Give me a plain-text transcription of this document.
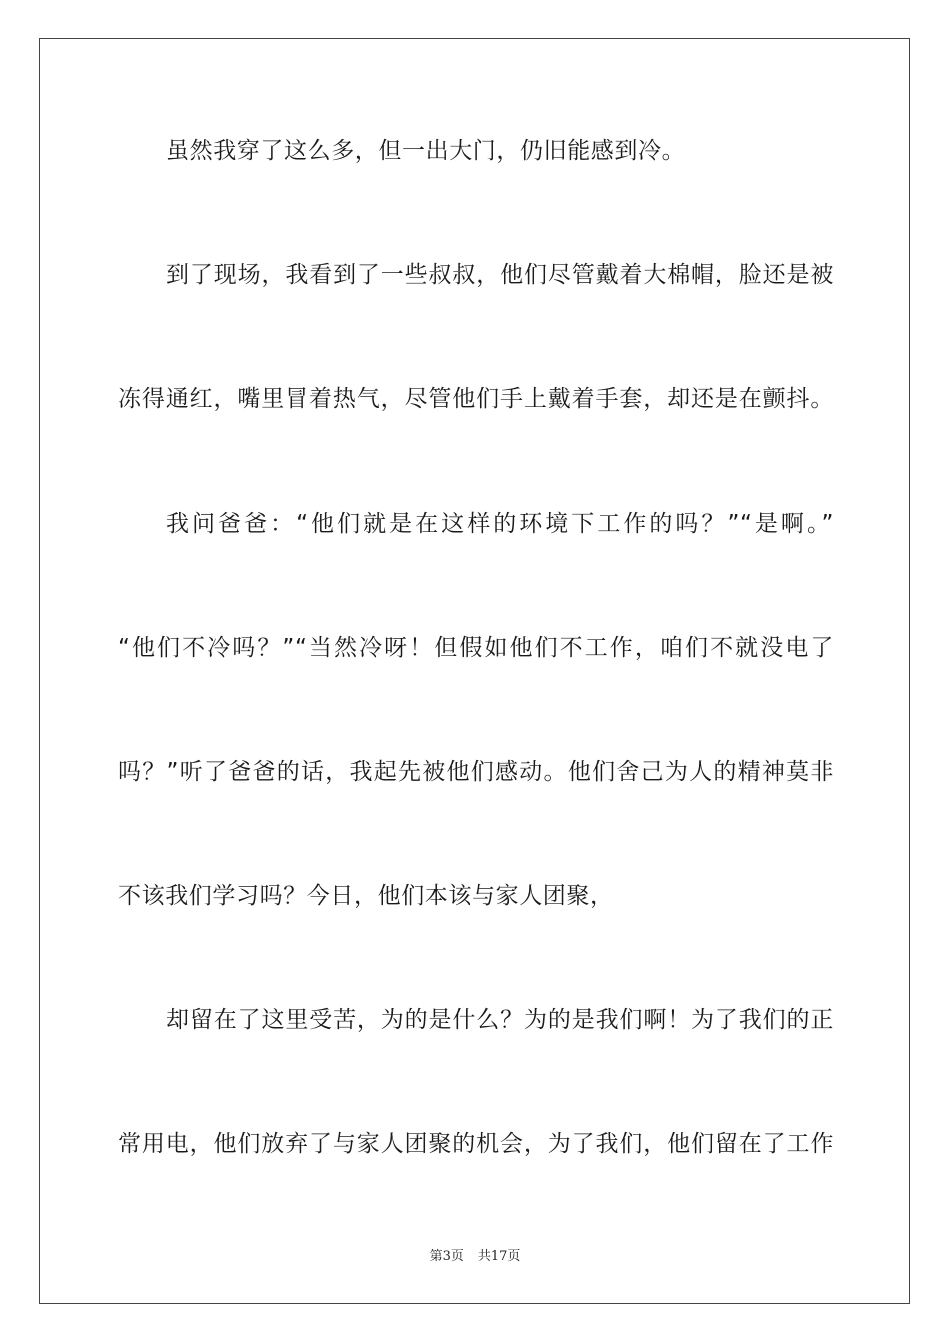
虽然我穿了这么多，但一出大门，仍旧能感到冷。
到了现场，我看到了一些叔叔，他们尽管戴着大棉帽，脸还是被
冻得通红，嘴里冒着热气，尽管他们手上戴着手套，却还是在颤抖。
我问爸爸：“他们就是在这样的环境下工作的吗？”“是啊。”
“他们不冷吗？”“当然冷呀！但假如他们不工作，咱们不就没电了
吗？”听了爸爸的话，我起先被他们感动。他们舍己为人的精神莫非
不该我们学习吗？今日，他们本该与家人团聚，
却留在了这里受苦，为的是什么？为的是我们啊！为了我们的正
常用电，他们放弃了与家人团聚的机会，为了我们，他们留在了工作
第3页 共17页
